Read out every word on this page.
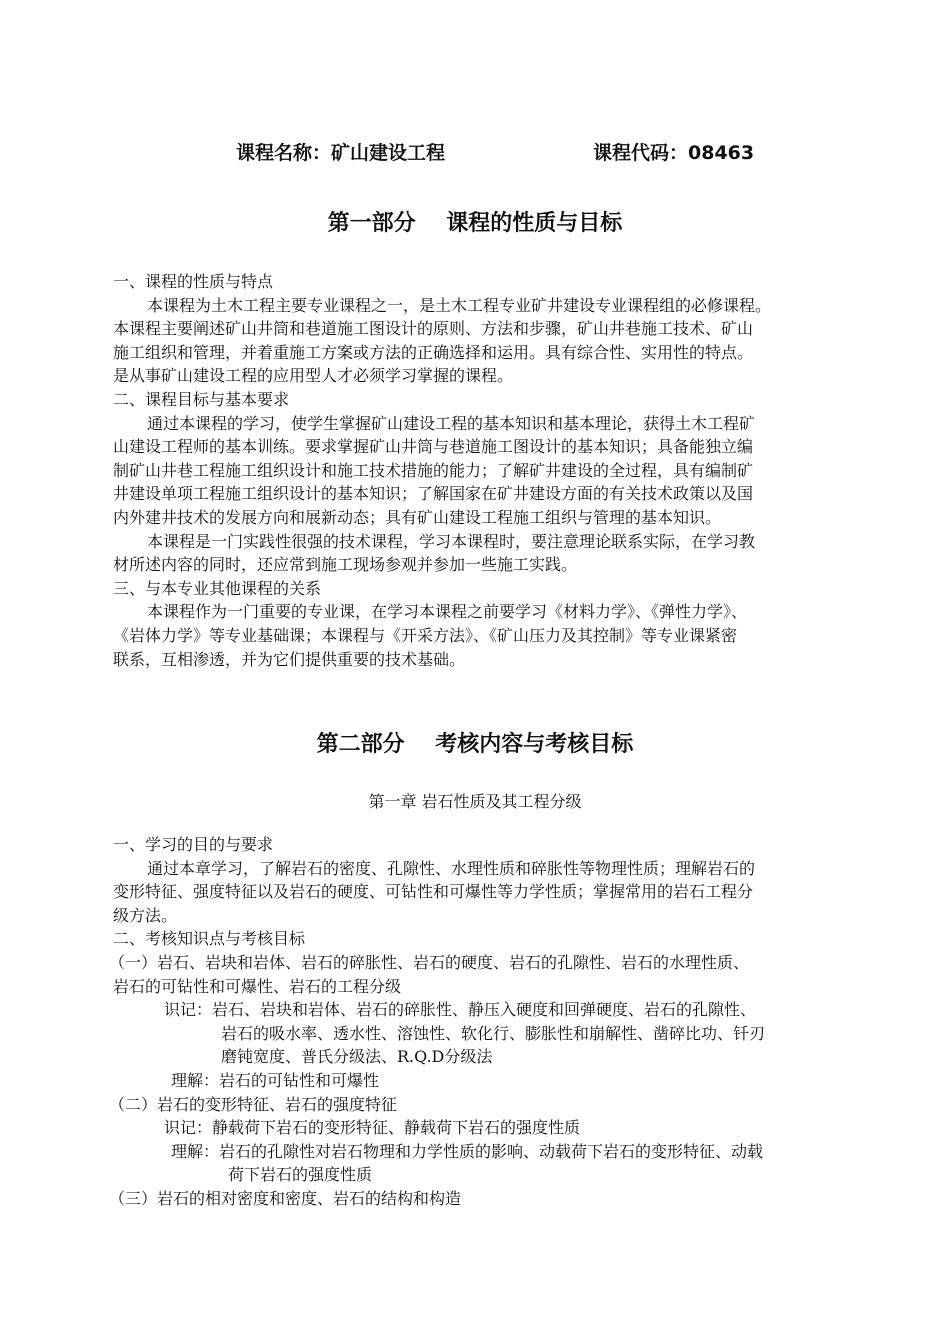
课程名称：矿山建设工程	课程代码：08463
第一部分    课程的性质与目标
一、课程的性质与特点
本课程为土木工程主要专业课程之一，是土木工程专业矿井建设专业课程组的必修课程。
本课程主要阐述矿山井筒和巷道施工图设计的原则、方法和步骤，矿山井巷施工技术、矿山
施工组织和管理，并着重施工方案或方法的正确选择和运用。具有综合性、实用性的特点。
是从事矿山建设工程的应用型人才必须学习掌握的课程。
二、课程目标与基本要求
通过本课程的学习，使学生掌握矿山建设工程的基本知识和基本理论，获得土木工程矿
山建设工程师的基本训练。要求掌握矿山井筒与巷道施工图设计的基本知识；具备能独立编
制矿山井巷工程施工组织设计和施工技术措施的能力；了解矿井建设的全过程，具有编制矿
井建设单项工程施工组织设计的基本知识；了解国家在矿井建设方面的有关技术政策以及国
内外建井技术的发展方向和展新动态；具有矿山建设工程施工组织与管理的基本知识。
本课程是一门实践性很强的技术课程，学习本课程时，要注意理论联系实际，在学习教
材所述内容的同时，还应常到施工现场参观并参加一些施工实践。
三、与本专业其他课程的关系
本课程作为一门重要的专业课，在学习本课程之前要学习《材料力学》、《弹性力学》、
《岩体力学》等专业基础课；本课程与《开采方法》、《矿山压力及其控制》等专业课紧密
联系，互相渗透，并为它们提供重要的技术基础。
第二部分    考核内容与考核目标
第一章 岩石性质及其工程分级
一、学习的目的与要求
通过本章学习，了解岩石的密度、孔隙性、水理性质和碎胀性等物理性质；理解岩石的
变形特征、强度特征以及岩石的硬度、可钻性和可爆性等力学性质；掌握常用的岩石工程分
级方法。
二、考核知识点与考核目标
（一）岩石、岩块和岩体、岩石的碎胀性、岩石的硬度、岩石的孔隙性、岩石的水理性质、
岩石的可钻性和可爆性、岩石的工程分级
识记：岩石、岩块和岩体、岩石的碎胀性、静压入硬度和回弹硬度、岩石的孔隙性、
岩石的吸水率、透水性、溶蚀性、软化行、膨胀性和崩解性、凿碎比功、钎刃
磨钝宽度、普氏分级法、R.Q.D分级法
理解：岩石的可钻性和可爆性
（二）岩石的变形特征、岩石的强度特征
识记：静载荷下岩石的变形特征、静载荷下岩石的强度性质
理解：岩石的孔隙性对岩石物理和力学性质的影响、动载荷下岩石的变形特征、动载
荷下岩石的强度性质
（三）岩石的相对密度和密度、岩石的结构和构造
